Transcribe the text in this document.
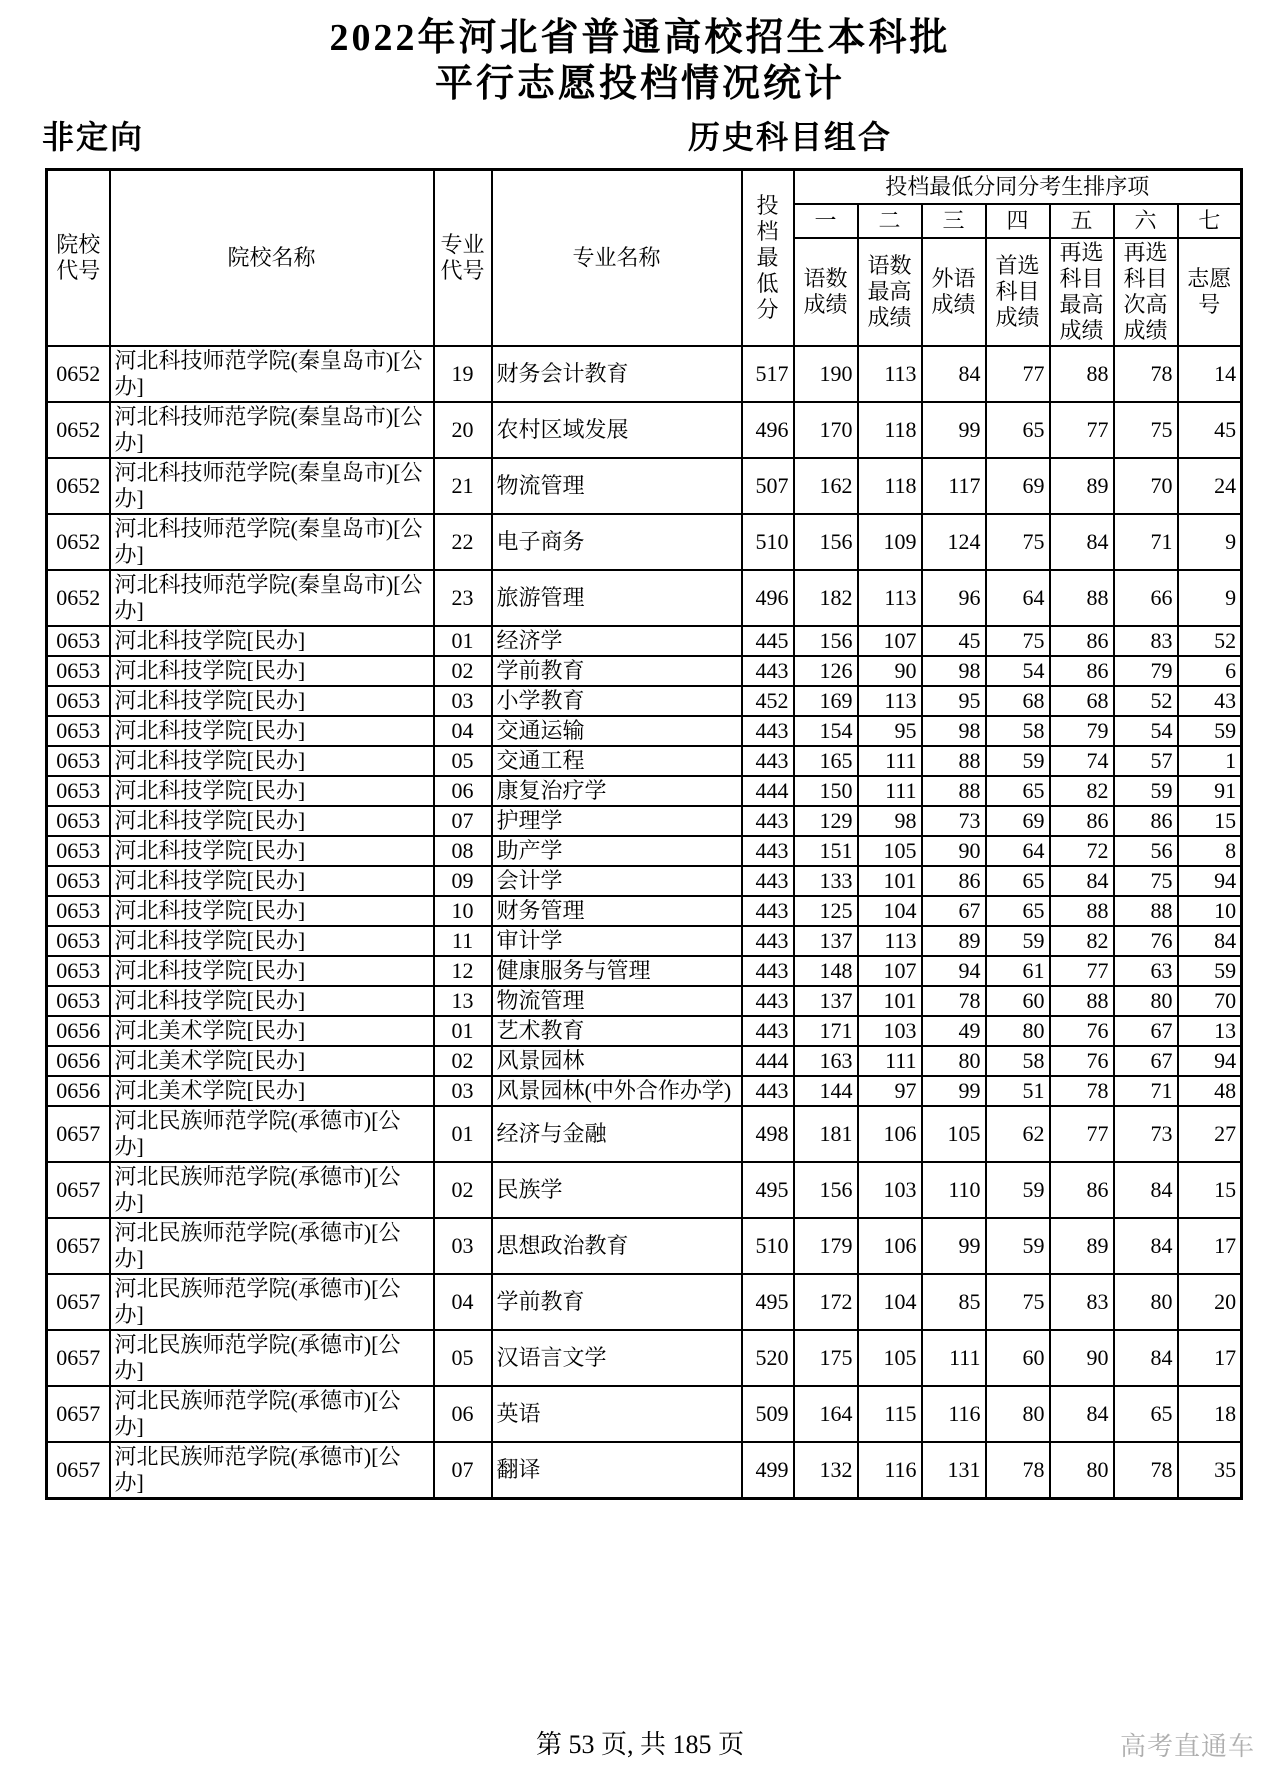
2022年河北省普通高校招生本科批
平行志愿投档情况统计
非定向	历史科目组合
院校代号	院校名称	专业代号	专业名称	投档最低分	投档最低分同分考生排序项						
					一	二	三	四	五	六	七
					语数成绩	语数最高成绩	外语成绩	首选科目成绩	再选科目最高成绩	再选科目次高成绩	志愿号
0652	河北科技师范学院(秦皇岛市)[公办]	19	财务会计教育	517	190	113	84	77	88	78	14
0652	河北科技师范学院(秦皇岛市)[公办]	20	农村区域发展	496	170	118	99	65	77	75	45
0652	河北科技师范学院(秦皇岛市)[公办]	21	物流管理	507	162	118	117	69	89	70	24
0652	河北科技师范学院(秦皇岛市)[公办]	22	电子商务	510	156	109	124	75	84	71	9
0652	河北科技师范学院(秦皇岛市)[公办]	23	旅游管理	496	182	113	96	64	88	66	9
0653	河北科技学院[民办]	01	经济学	445	156	107	45	75	86	83	52
0653	河北科技学院[民办]	02	学前教育	443	126	90	98	54	86	79	6
0653	河北科技学院[民办]	03	小学教育	452	169	113	95	68	68	52	43
0653	河北科技学院[民办]	04	交通运输	443	154	95	98	58	79	54	59
0653	河北科技学院[民办]	05	交通工程	443	165	111	88	59	74	57	1
0653	河北科技学院[民办]	06	康复治疗学	444	150	111	88	65	82	59	91
0653	河北科技学院[民办]	07	护理学	443	129	98	73	69	86	86	15
0653	河北科技学院[民办]	08	助产学	443	151	105	90	64	72	56	8
0653	河北科技学院[民办]	09	会计学	443	133	101	86	65	84	75	94
0653	河北科技学院[民办]	10	财务管理	443	125	104	67	65	88	88	10
0653	河北科技学院[民办]	11	审计学	443	137	113	89	59	82	76	84
0653	河北科技学院[民办]	12	健康服务与管理	443	148	107	94	61	77	63	59
0653	河北科技学院[民办]	13	物流管理	443	137	101	78	60	88	80	70
0656	河北美术学院[民办]	01	艺术教育	443	171	103	49	80	76	67	13
0656	河北美术学院[民办]	02	风景园林	444	163	111	80	58	76	67	94
0656	河北美术学院[民办]	03	风景园林(中外合作办学)	443	144	97	99	51	78	71	48
0657	河北民族师范学院(承德市)[公办]	01	经济与金融	498	181	106	105	62	77	73	27
0657	河北民族师范学院(承德市)[公办]	02	民族学	495	156	103	110	59	86	84	15
0657	河北民族师范学院(承德市)[公办]	03	思想政治教育	510	179	106	99	59	89	84	17
0657	河北民族师范学院(承德市)[公办]	04	学前教育	495	172	104	85	75	83	80	20
0657	河北民族师范学院(承德市)[公办]	05	汉语言文学	520	175	105	111	60	90	84	17
0657	河北民族师范学院(承德市)[公办]	06	英语	509	164	115	116	80	84	65	18
0657	河北民族师范学院(承德市)[公办]	07	翻译	499	132	116	131	78	80	78	35
第 53 页, 共 185 页	高考直通车
